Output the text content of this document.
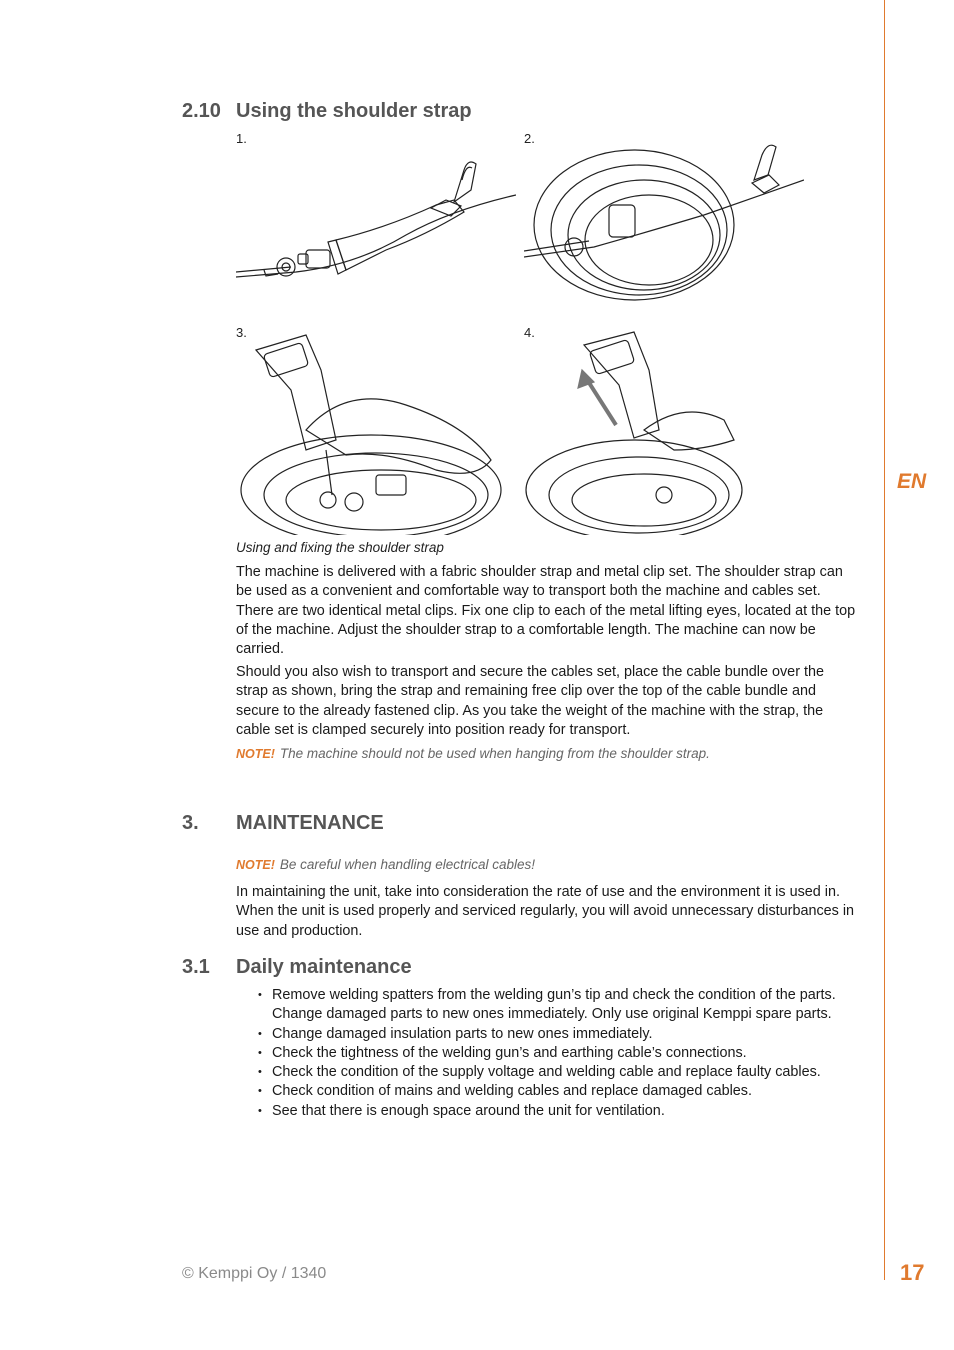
EN
2.10 Using the shoulder strap
1.	2.
3.	4.
Using and fixing the shoulder strap

The machine is delivered with a fabric shoulder strap and metal clip set. The shoulder strap can be used as a convenient and comfortable way to transport both the machine and cables set. There are two identical metal clips. Fix one clip to each of the metal lifting eyes, located at the top of the machine. Adjust the shoulder strap to a comfortable length. The machine can now be carried.

Should you also wish to transport and secure the cables set, place the cable bundle over the strap as shown, bring the strap and remaining free clip over the top of the cable bundle and secure to the already fastened clip. As you take the weight of the machine with the strap, the cable set is clamped securely into position ready for transport.

NOTE! The machine should not be used when hanging from the shoulder strap.
3. MAINTENANCE
NOTE! Be careful when handling electrical cables!

In maintaining the unit, take into consideration the rate of use and the environment it is used in. When the unit is used properly and serviced regularly, you will avoid unnecessary disturbances in use and production.

3.1 Daily maintenance
• Remove welding spatters from the welding gun’s tip and check the condition of the parts. Change damaged parts to new ones immediately. Only use original Kemppi spare parts.
• Change damaged insulation parts to new ones immediately.
• Check the tightness of the welding gun’s and earthing cable’s connections.
• Check the condition of the supply voltage and welding cable and replace faulty cables.
• Check condition of mains and welding cables and replace damaged cables.
• See that there is enough space around the unit for ventilation.
© Kemppi Oy / 1340	17
